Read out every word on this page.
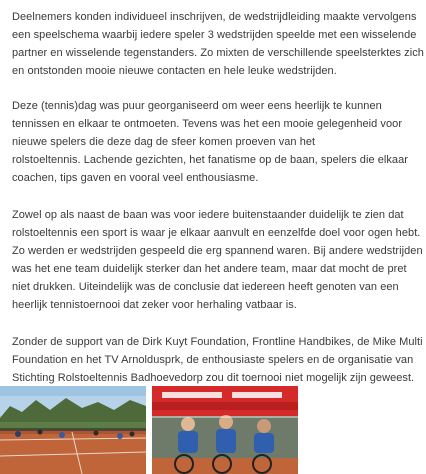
Deelnemers konden individueel inschrijven, de wedstrijdleiding maakte vervolgens
een speelschema waarbij iedere speler 3 wedstrijden speelde met een wisselende
partner en wisselende tegenstanders. Zo mixten de verschillende speelsterktes zich
en ontstonden mooie nieuwe contacten en hele leuke wedstrijden.

Deze (tennis)dag was puur georganiseerd om weer eens heerlijk te kunnen
tennissen en elkaar te ontmoeten. Tevens was het een mooie gelegenheid voor
nieuwe spelers die deze dag de sfeer komen proeven van het
rolstoeltennis. Lachende gezichten, het fanatisme op de baan, spelers die elkaar
coachen, tips gaven en vooral veel enthousiasme.

Zowel op als naast de baan was voor iedere buitenstaander duidelijk te zien dat
rolstoeltennis een sport is waar je elkaar aanvult en eenzelfde doel voor ogen hebt.
Zo werden er wedstrijden gespeeld die erg spannend waren. Bij andere wedstrijden
was het ene team duidelijk sterker dan het andere team, maar dat mocht de pret
niet drukken. Uiteindelijk was de conclusie dat iedereen heeft genoten van een
heerlijk tennistoernooi dat zeker voor herhaling vatbaar is.

Zonder de support van de Dirk Kuyt Foundation, Frontline Handbikes, de Mike Multi
Foundation en het TV Arnoldusprk, de enthousiaste spelers en de organisatie van
Stichting Rolstoeltennis Badhoevedorp zou dit toernooi niet mogelijk zijn geweest.
